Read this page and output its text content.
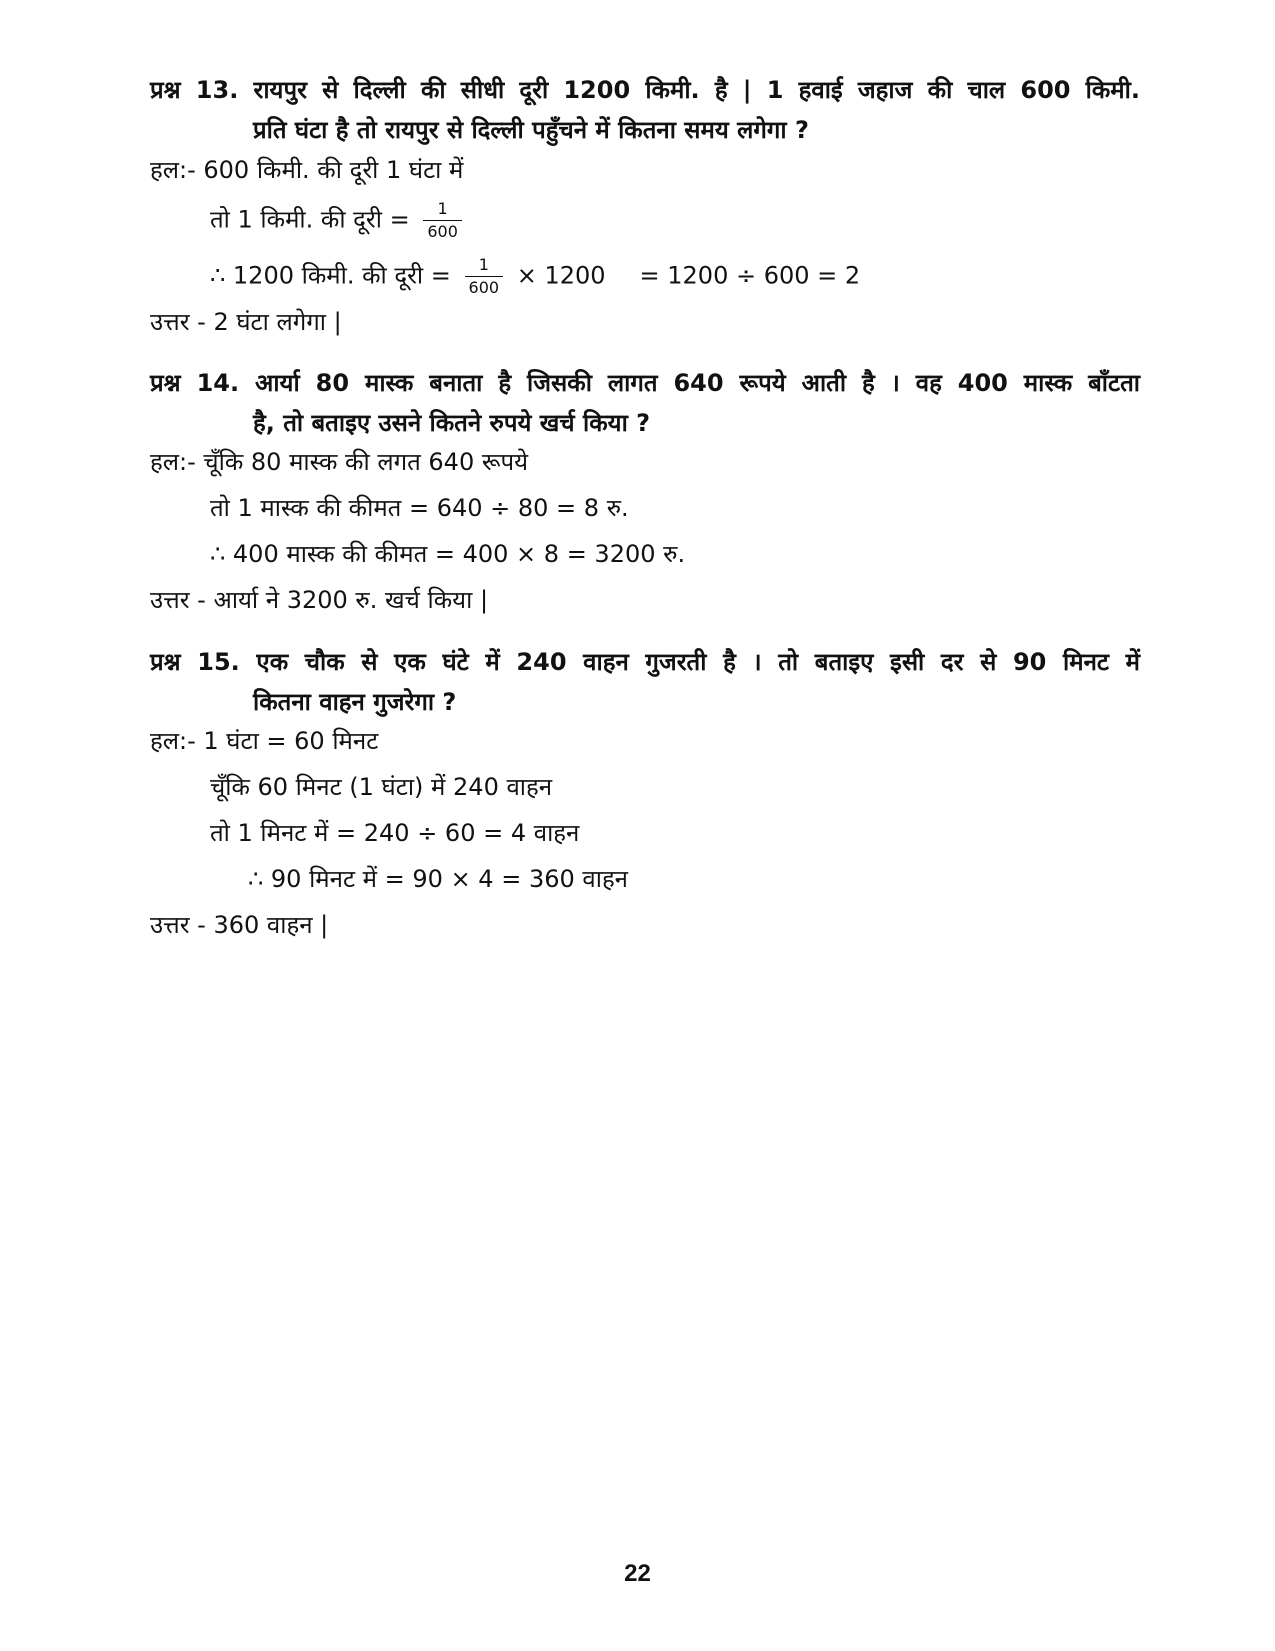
प्रश्न 13. रायपुर से दिल्ली की सीधी दूरी 1200 किमी. है | 1 हवाई जहाज की चाल 600 किमी.
प्रति घंटा है तो रायपुर से दिल्ली पहुँचने में कितना समय लगेगा ?
हल:- 600 किमी. की दूरी 1 घंटा में
तो 1 किमी. की दूरी = $\frac{1}{600}$
∴ 1200 किमी. की दूरी = $\frac{1}{600} \times 1200 = 1200 \div 600 = 2$
उत्तर - 2 घंटा लगेगा |
प्रश्न 14. आर्या 80 मास्क बनाता है जिसकी लागत 640 रूपये आती है । वह 400 मास्क बाँटता
है, तो बताइए उसने कितने रुपये खर्च किया ?
हल:- चूँकि 80 मास्क की लगत 640 रूपये
तो 1 मास्क की कीमत = 640 ÷ 80 = 8 रु.
∴ 400 मास्क की कीमत = 400 × 8 = 3200 रु.
उत्तर - आर्या ने 3200 रु. खर्च किया |
प्रश्न 15. एक चौक से एक घंटे में 240 वाहन गुजरती है । तो बताइए इसी दर से 90 मिनट में
कितना वाहन गुजरेगा ?
हल:- 1 घंटा = 60 मिनट
चूँकि 60 मिनट (1 घंटा) में 240 वाहन
तो 1 मिनट में = 240 ÷ 60 = 4 वाहन
∴ 90 मिनट में = 90 × 4 = 360 वाहन
उत्तर - 360 वाहन |
22
